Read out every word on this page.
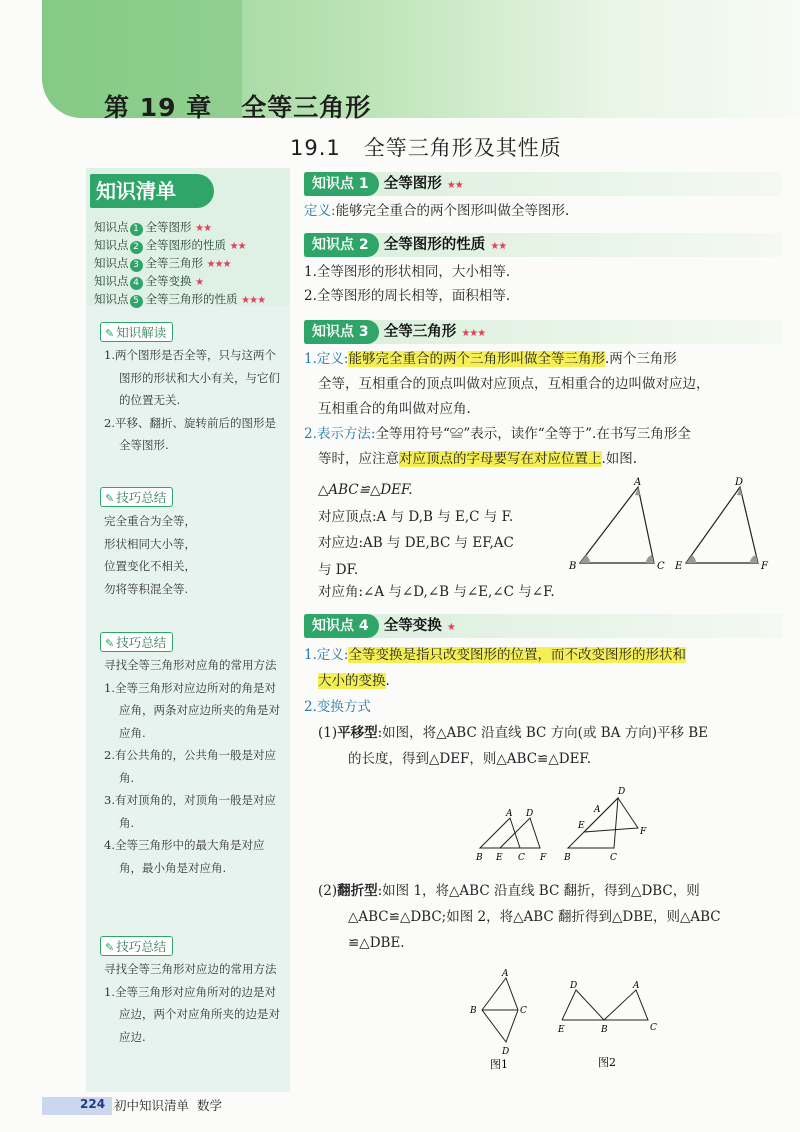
第 19 章   全等三角形
19.1   全等三角形及其性质
知识清单
知识点 1 全等图形 ★★
知识点 2 全等图形的性质 ★★
知识点 3 全等三角形 ★★★
知识点 4 全等变换 ★
知识点 5 全等三角形的性质 ★★★
✎ 知识解读

1.两个图形是否全等，只与这两个图形的形状和大小有关，与它们的位置无关.

2.平移、翻折、旋转前后的图形是全等图形.

✎ 技巧总结

完全重合为全等，

形状相同大小等，

位置变化不相关，

勿将等积混全等.

✎ 技巧总结

寻找全等三角形对应角的常用方法

1.全等三角形对应边所对的角是对应角，两条对应边所夹的角是对应角.

2.有公共角的，公共角一般是对应角.

3.有对顶角的，对顶角一般是对应角.

4.全等三角形中的最大角是对应角，最小角是对应角.

✎ 技巧总结

寻找全等三角形对应边的常用方法

1.全等三角形对应角所对的边是对应边，两个对应角所夹的边是对应边.

知识点 1 全等图形 ★★

定义:能够完全重合的两个图形叫做全等图形.

知识点 2 全等图形的性质 ★★

1.全等图形的形状相同，大小相等.

2.全等图形的周长相等，面积相等.

知识点 3 全等三角形 ★★★

1.定义:能够完全重合的两个三角形叫做全等三角形.两个三角形

全等，互相重合的顶点叫做对应顶点，互相重合的边叫做对应边，

互相重合的角叫做对应角.

2.表示方法:全等用符号“≌”表示，读作“全等于”.在书写三角形全

等时，应注意对应顶点的字母要写在对应位置上.如图.

△ABC≌△DEF.

对应顶点:A 与 D,B 与 E,C 与 F.

对应边:AB 与 DE,BC 与 EF,AC

与 DF.

对应角:∠A 与∠D,∠B 与∠E,∠C 与∠F.

A
B	C
D
E	F
知识点 4 全等变换 ★

1.定义:全等变换是指只改变图形的位置，而不改变图形的形状和

大小的变换.

2.变换方式

(1)平移型:如图，将△ABC 沿直线 BC 方向(或 BA 方向)平移 BE

的长度，得到△DEF，则△ABC≌△DEF.

A
B	C
D
E	F
D
E
F
A
B	C

(2)翻折型:如图 1，将△ABC 沿直线 BC 翻折，得到△DBC，则

△ABC≌△DBC;如图 2，将△ABC 翻折得到△DBE，则△ABC

≌△DBE.

A
B	C
D
图1
D
E	B
A
C
图2
224 初中知识清单  数学
